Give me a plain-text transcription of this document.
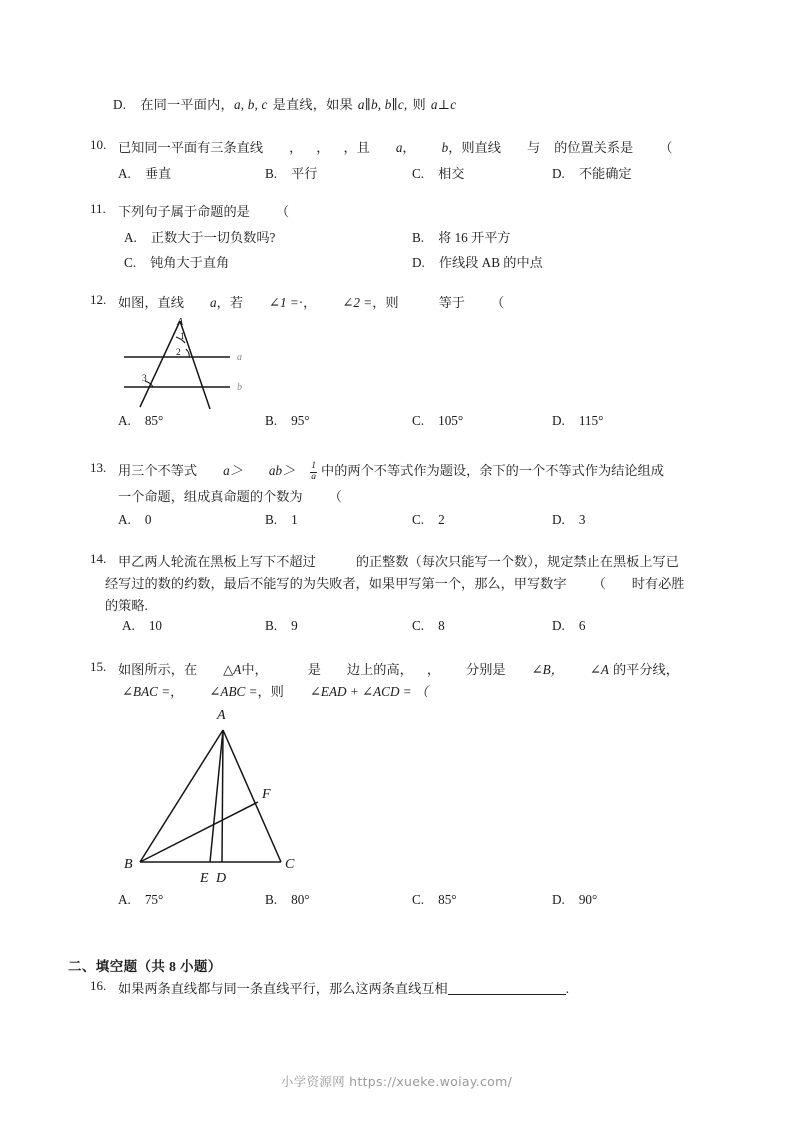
D. 在同一平面内，a, b, c 是直线，如果 a∥b, b∥c, 则 a⊥c
10. 已知同一平面有三条直线 ， ， ，且 a， b，则直线 与 的位置关系是 （
A. 垂直	B. 平行	C. 相交	D. 不能确定
11. 下列句子属于命题的是 （
A. 正数大于一切负数吗?	B. 将 16 开平方
C. 钝角大于直角	D. 作线段 AB 的中点
12. 如图，直线 a，若 ∠1 =·， ∠2 =，则	等于 （
A
1
2
3
a
b
A. 85°	B. 95°	C. 105°	D. 115°
13. 用三个不等式 $a> ab> \frac{1}{a}$ 中的两个不等式作为题设，余下的一个不等式作为结论组成
一个命题，组成真命题的个数为 （
A. 0	B. 1	C. 2	D. 3
14. 甲乙两人轮流在黑板上写下不超过	的正整数（每次只能写一个数），规定禁止在黑板上写已
经写过的数的约数，最后不能写的为失败者，如果甲写第一个，那么，甲写数字 （ 时有必胜
的策略.
A. 10	B. 9	C. 8	D. 6
15. 如图所示，在 △A中，	是 边上的高， ， 分别是 ∠B， ∠A 的平分线，
∠BAC =， ∠ABC =，则 ∠EAD + ∠ACD = （
A
F
B
E D
C
A. 75°	B. 80°	C. 85°	D. 90°
二、填空题（共 8 小题）
16. 如果两条直线都与同一条直线平行，那么这两条直线互相	.
小学资源网 https://xueke.woiay.com/
